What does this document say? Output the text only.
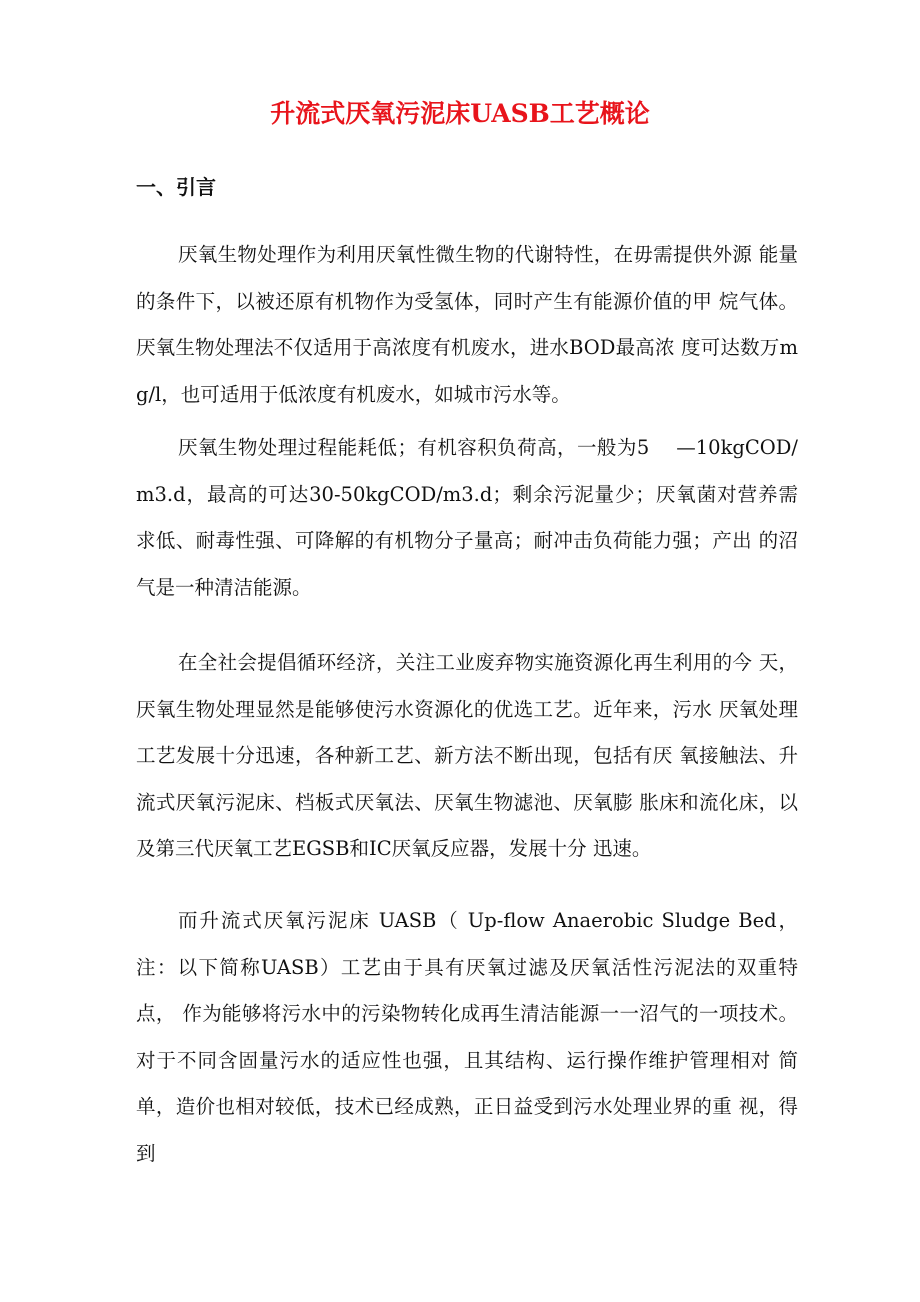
升流式厌氧污泥床UASB工艺概论
一、引言

厌氧生物处理作为利用厌氧性微生物的代谢特性，在毋需提供外源 能量的条件下，以被还原有机物作为受氢体，同时产生有能源价值的甲 烷气体。厌氧生物处理法不仅适用于高浓度有机废水，进水BOD最高浓 度可达数万mg/l，也可适用于低浓度有机废水，如城市污水等。

厌氧生物处理过程能耗低；有机容积负荷高，一般为5　 —10kgCOD/m3.d，最高的可达30-50kgCOD/m3.d；剩余污泥量少；厌氧菌对营养需 求低、耐毒性强、可降解的有机物分子量高；耐冲击负荷能力强；产出 的沼气是一种清洁能源。

在全社会提倡循环经济，关注工业废弃物实施资源化再生利用的今 天，厌氧生物处理显然是能够使污水资源化的优选工艺。近年来，污水 厌氧处理工艺发展十分迅速，各种新工艺、新方法不断出现，包括有厌 氧接触法、升流式厌氧污泥床、档板式厌氧法、厌氧生物滤池、厌氧膨 胀床和流化床，以及第三代厌氧工艺EGSB和IC厌氧反应器，发展十分 迅速。

而升流式厌氧污泥床 UASB（ Up-flow Anaerobic Sludge Bed，注：以下简称UASB）工艺由于具有厌氧过滤及厌氧活性污泥法的双重特点， 作为能够将污水中的污染物转化成再生清洁能源一一沼气的一项技术。对于不同含固量污水的适应性也强，且其结构、运行操作维护管理相对 简单，造价也相对较低，技术已经成熟，正日益受到污水处理业界的重 视，得到
